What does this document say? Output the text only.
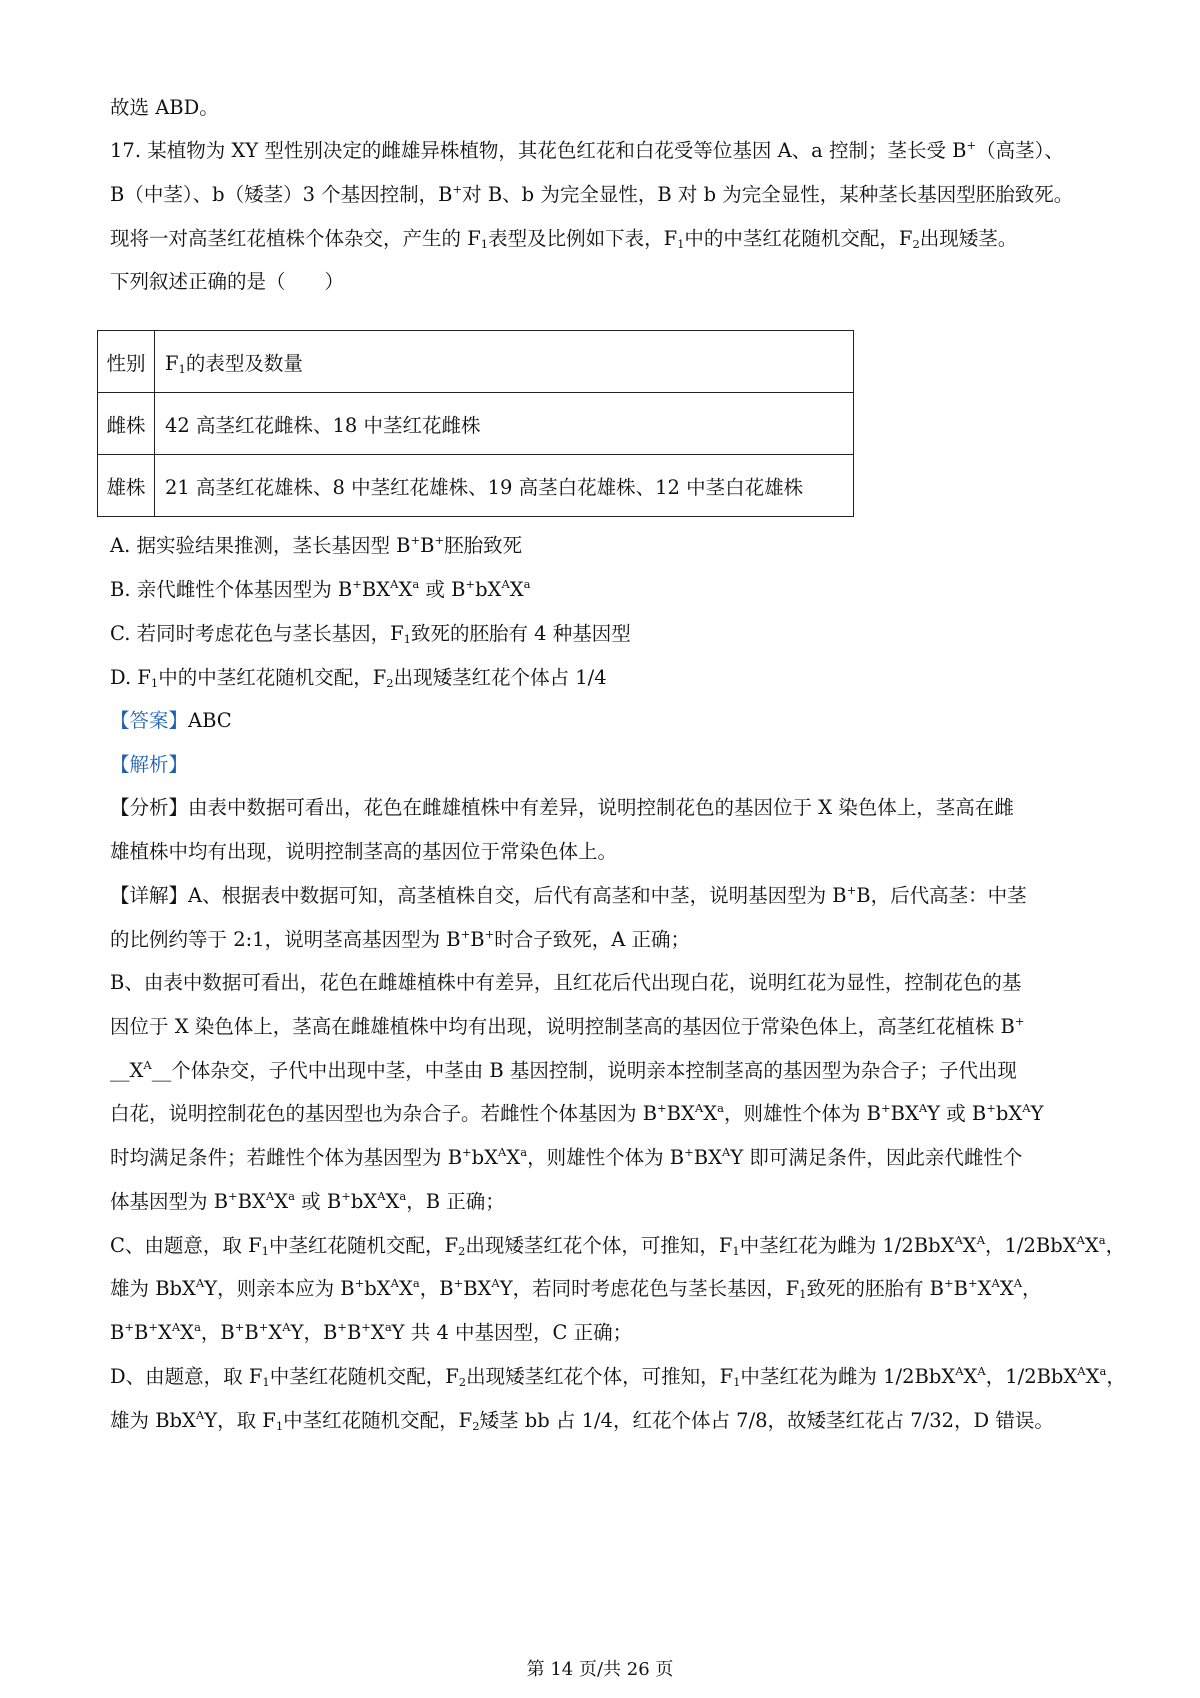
故选 ABD。
17. 某植物为 XY 型性别决定的雌雄异株植物，其花色红花和白花受等位基因 A、a 控制；茎长受 B+（高茎）、
B（中茎）、b（矮茎）3 个基因控制，B+对 B、b 为完全显性，B 对 b 为完全显性，某种茎长基因型胚胎致死。
现将一对高茎红花植株个体杂交，产生的 $F_1$表型及比例如下表，$F_1$中的中茎红花随机交配，$F_2$出现矮茎。
下列叙述正确的是（　　）
性别	$F_1$的表型及数量
雌株	42 高茎红花雌株、18 中茎红花雌株
雄株	21 高茎红花雄株、8 中茎红花雄株、19 高茎白花雄株、12 中茎白花雄株
A. 据实验结果推测，茎长基因型 B+B+胚胎致死
B. 亲代雌性个体基因型为 $B^+BX^AX^a$ 或 $B^+bX^AX^a$
C. 若同时考虑花色与茎长基因，$F_1$致死的胚胎有 4 种基因型
D. $F_1$中的中茎红花随机交配，$F_2$出现矮茎红花个体占 1/4
【答案】ABC
【解析】
【分析】由表中数据可看出，花色在雌雄植株中有差异，说明控制花色的基因位于 X 染色体上，茎高在雌
雄植株中均有出现，说明控制茎高的基因位于常染色体上。
【详解】A、根据表中数据可知，高茎植株自交，后代有高茎和中茎，说明基因型为 B+B，后代高茎：中茎
的比例约等于 2:1，说明茎高基因型为 B+B+时合子致死，A 正确；
B、由表中数据可看出，花色在雌雄植株中有差异，且红花后代出现白花，说明红花为显性，控制花色的基
因位于 X 染色体上，茎高在雌雄植株中均有出现，说明控制茎高的基因位于常染色体上，高茎红花植株 B+
$\_\_X^A\_\_$个体杂交，子代中出现中茎，中茎由 B 基因控制，说明亲本控制茎高的基因型为杂合子；子代出现
白花，说明控制花色的基因型也为杂合子。若雌性个体基因为 $B^+BX^AX^a$，则雄性个体为 $B^+BX^AY$ 或 $B^+bX^AY$
时均满足条件；若雌性个体为基因型为 $B^+bX^AX^a$，则雄性个体为 $B^+BX^AY$ 即可满足条件，因此亲代雌性个
体基因型为 $B^+BX^AX^a$ 或 $B^+bX^AX^a$，B 正确；
C、由题意，取 $F_1$中茎红花随机交配，$F_2$出现矮茎红花个体，可推知，$F_1$中茎红花为雌为 $1/2BbX^AX^A$，$1/2BbX^AX^a$，
雄为 BbX$^A$Y，则亲本应为 $B^+bX^AX^a$，$B^+BX^AY$，若同时考虑花色与茎长基因，$F_1$致死的胚胎有 $B^+B^+X^AX^A$，
$B^+B^+X^AX^a$，$B^+B^+X^AY$，$B^+B^+X^aY$ 共 4 中基因型，C 正确；
D、由题意，取 $F_1$中茎红花随机交配，$F_2$出现矮茎红花个体，可推知，$F_1$中茎红花为雌为 $1/2BbX^AX^A$，$1/2BbX^AX^a$，
雄为 BbX$^A$Y，取 $F_1$中茎红花随机交配，$F_2$矮茎 bb 占 1/4，红花个体占 7/8，故矮茎红花占 7/32，D 错误。
第 14 页/共 26 页
